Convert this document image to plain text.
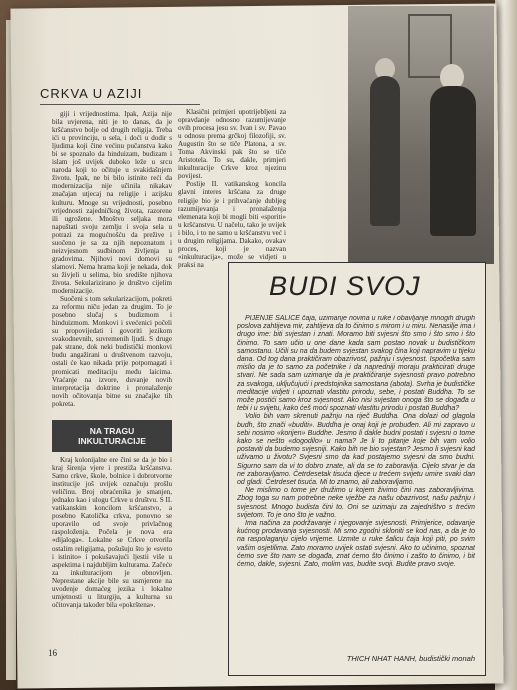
CRKVA U AZIJI

giji i vrijednostima. Ipak, Azija nije bila uvjerena, niti je to danas, da je kršćanstvo bolje od drugih religija. Treba ići u provinciju, u sela, i doći u dodir s ljudima koji čine većinu pučanstva kako bi se spoznalo da hinduizam, budizam i islam još uvijek duboko leže u srcu naroda koji to očituje u svakidašnjem životu. Ipak, ne bi bilo istinite reći da modernizacija nije učinila nikakav značajan utjecaj na religije i azijsku kulturu. Mnoge su vrijednosti, posebno vrijednosti zajedničkog života, razorene ili ugrožene. Mnoštvo seljaka mora napuštati svoju zemlju i svoja sela u potrazi za mogućnošću da prežive i suočeno je sa za njih nepoznatom i neizvjesnom sudbinom življenja u gradovima. Njihovi novi domovi su slamovi. Nema hrama koji je nekada, dok su živjeli u selima, bio središte njihova života. Sekularizirano je društvo cijelim modernizacije.

Suočeni s tom sekularizacijom, pokreti za reformu niču jedan za drugim. To je posebno slučaj s budizmom i hinduizmom. Monkovi i svećenici počeli su propovijedati i govoriti jezikom svakodnevnih, suvremenih ljudi. S druge pak strane, dok neki budistički monkovi budu angažirani u društvenom razvoju, ostali će kao nikada prije potpomagati i promicati meditaciju među laicima. Vraćanje na izvore, duvanje novih interpretacija doktrine i pronalaženje novih očitovanja bitne su značajke tih pokreta.

NA TRAGU
INKULTURACIJE

Kraj kolonijalne ere čini se da je bio i kraj širenja vjere i prestiža kršćanstva. Samo crkve, škole, bolnice i dobrotvorne institucije još uvijek označuju prošlu veličinu. Broj obraćenika je smanjen, jednako kao i ulogu Crkve u društvu. S II. vatikanskim koncilom kršćanstvo, a posebno Katolička crkva, ponovno se uporavilo od svoje privlačnog raspoloženja. Počela je nova era «dijaloga». Lokalne se Crkve otvorila ostalim religijama, pošušuju što je «sveto i istinito» i pokušavajući ljestii više u aspektima i najdubljim kulturama. Začeće za inkulturacijom je obnovljen. Neprestane akcije bile su usmjerene na uvođenje domaćeg jezika i lokalne umjetnosti u liturgiju, a kulturna su očitovanja također bila «pokrštena».

Klasični primjeri upotrijebljeni za opravdanje odnosno razumijevanje ovih procesa jesu sv. Ivan i sv. Pavao u odnosu prema grčkoj filozofiji, sv. Augustin što se tiče Platona, a sv. Toma Akvinski pak što se tiče Aristotela. To su, dakle, primjeri inkulturacije Crkve kroz njezinu povijest.

Poslije II. vatikanskog koncila glavni interes kršćana za druge religije bio je i prihvaćanje dubljeg razumijevanja i pronalaženja elemenata koji bi mogli biti «sporiti» u kršćanstvu. U načelu, tako je uvijek i bilo, i to ne samo u kršćanstvu već i u drugim religijama. Dakako, ovakav proces, koji je nazvan «inkulturacija», može se vidjeti u praksi na

BUDI SVOJ

PIJENJE ŠALICE čaja, uzimanje novina u ruke i obavljanje mnogih drugih poslova zahtijeva mir, zahtijeva da to činimo s mirom i u miru. Nenasilje ima i drugo ime: biti svjestan i znati. Moramo biti svjesni što smo i što smo i što činimo. To sam učio u one dane kada sam postao novak u budističkom samostanu. Učili su na da budem svjestan svakog čina koji napravim u tijeku dana. Od tog dana praktičiram obazrivost, pažnju i svjesnost. Ispočetka sam mislio da je to samo za početnike i da napredniji moraju prakticirati druge stvari. Ne sada sam uzimanje da je praktičiranje svjesnosti pravo potrebno za svakoga, uključujući i predstojnika samostana (abota). Svrha je budističke meditacije vidjeti i upoznati vlastitu prirodu, sebe, i postati Buddha. To se može postići samo kroz svjesnost. Ako nisi svjestan onoga što se događa u tebi i u svijetu, kako ćeš moći spoznati vlastitu prirodu i postati Buddha?

Volio bih vam skrenuti pažnju na riječ Buddha. Ona dolazi od glagola budh, što znači «buditi». Buddha je onaj koji je probuđen. Ali mi zapravo u sebi nosimo «korijen» Buddhe. Jesmo li dakle budni postati i svjesni o tome kako se nešto «dogodilo» u nama? Je li to pitanje koje bih vam volio postaviti da budemo svjesniji. Kako bih ne bio svjestan? Jesmo li svjesni kad uživamo u životu? Svjesni smo da kad postajemo svjesni da smo budni. Sigurno sam da vi to dobro znate, ali da se to zaboravlja. Cijelo stvar je da ne zaboravljamo. Četrdesetak tisuća djece u trećem svijetu umire svaki dan od gladi. Četrdeset tisuća. Mi to znamo, ali zaboravljamo.

Ne mislimo o tome jer družimo u kojem živimo čini nas zaboravljivima. Zbog toga su nam potrebne neke vježbe za našu obazrivost, našu pažnju i svjesnost. Mnogo budista čini to. Oni se uzimaju za zajedništvo s trećim svijetom. To je ono što je važno.

Ima načina za podržavanje i njegovanje svjesnosti. Primjerice, odavanje kućnog prodavanja svjesnosti. Mi smo zgodni skloniti se kod nas, a da je to na raspolaganju cijelo vrijeme. Uzmite u ruke šalicu čaja koji piti, po svim vašim osjetilima. Zato moramo uvijek ostati svjesni. Ako to učinimo, spoznat ćemo sve što nam se događa, znat ćemo što činimo i zašto to činimo, i bit ćemo, dakle, svjesni. Zato, molim vas, budite svoji. Budite pravo svoje.

THICH NHAT HANH, budistički monah
16
